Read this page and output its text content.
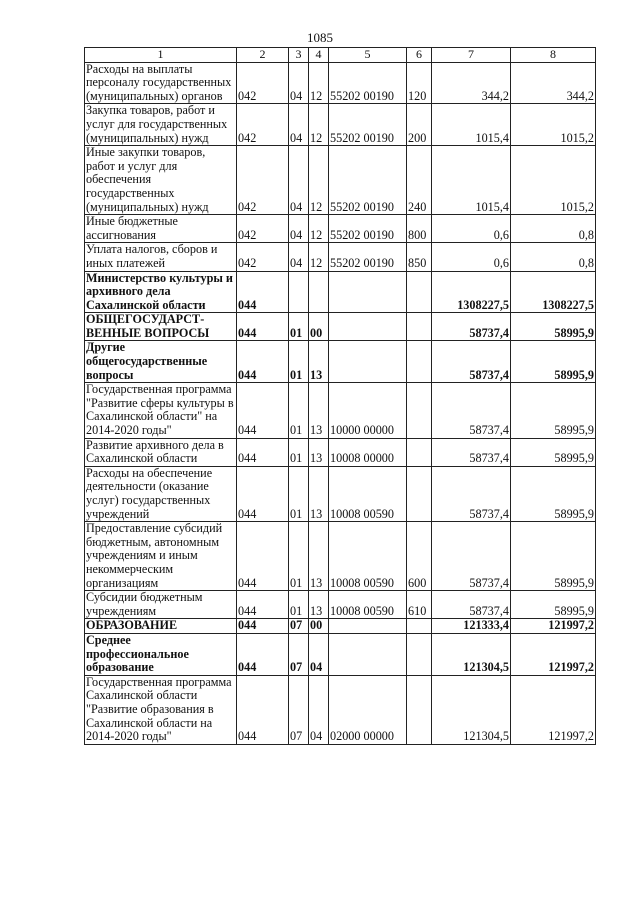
1085
1	2	3	4	5	6	7	8
Расходы на выплаты персоналу государственных (муниципальных) органов	042	04	12	55202 00190	120	344,2	344,2
Закупка товаров, работ и услуг для государственных (муниципальных) нужд	042	04	12	55202 00190	200	1015,4	1015,2
Иные закупки товаров, работ и услуг для обеспечения государственных (муниципальных) нужд	042	04	12	55202 00190	240	1015,4	1015,2
Иные бюджетные ассигнования	042	04	12	55202 00190	800	0,6	0,8
Уплата налогов, сборов и иных платежей	042	04	12	55202 00190	850	0,6	0,8
Министерство культуры и архивного дела Сахалинской области	044					1308227,5	1308227,5
ОБЩЕГОСУДАРСТ-ВЕННЫЕ ВОПРОСЫ	044	01	00			58737,4	58995,9
Другие общегосударственные вопросы	044	01	13			58737,4	58995,9
Государственная программа "Развитие сферы культуры в Сахалинской области" на 2014-2020 годы"	044	01	13	10000 00000		58737,4	58995,9
Развитие архивного дела в Сахалинской области	044	01	13	10008 00000		58737,4	58995,9
Расходы на обеспечение деятельности (оказание услуг) государственных учреждений	044	01	13	10008 00590		58737,4	58995,9
Предоставление субсидий бюджетным, автономным учреждениям и иным некоммерческим организациям	044	01	13	10008 00590	600	58737,4	58995,9
Субсидии бюджетным учреждениям	044	01	13	10008 00590	610	58737,4	58995,9
ОБРАЗОВАНИЕ	044	07	00			121333,4	121997,2
Среднее профессиональное образование	044	07	04			121304,5	121997,2
Государственная программа Сахалинской области "Развитие образования в Сахалинской области на 2014-2020 годы"	044	07	04	02000 00000		121304,5	121997,2
